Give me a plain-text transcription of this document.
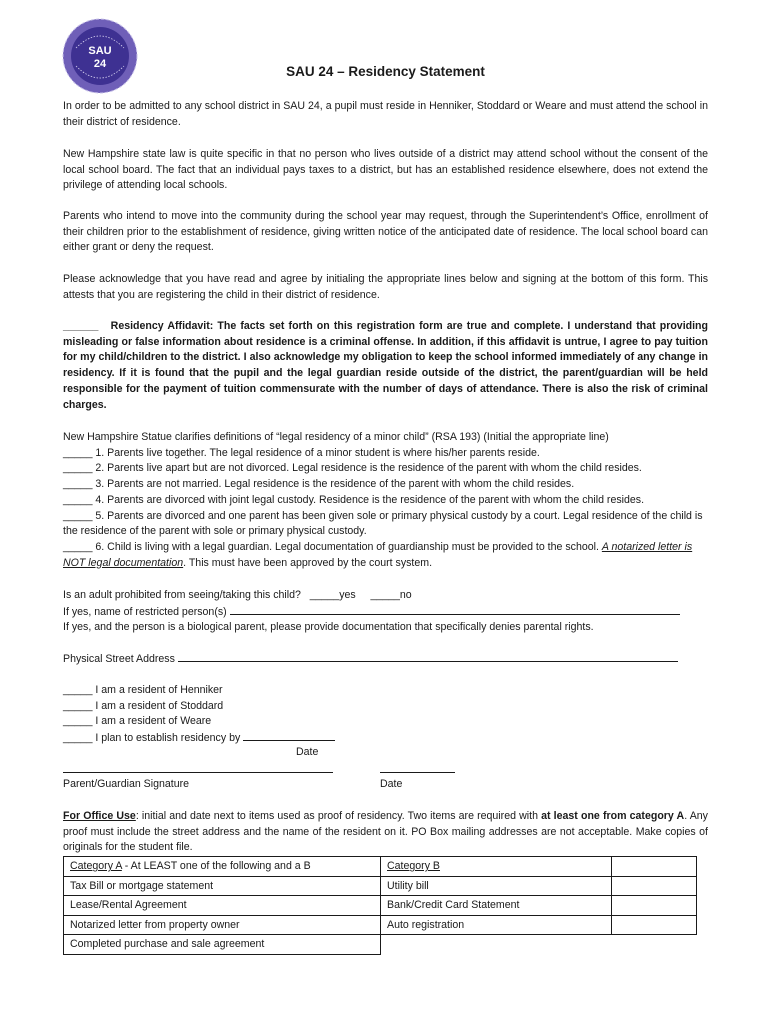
SAU
24	SAU 24 – Residency Statement
In order to be admitted to any school district in SAU 24, a pupil must reside in Henniker, Stoddard or Weare and must attend the school in their district of residence.
New Hampshire state law is quite specific in that no person who lives outside of a district may attend school without the consent of the local school board. The fact that an individual pays taxes to a district, but has an established residence elsewhere, does not extend the privilege of attending local schools.
Parents who intend to move into the community during the school year may request, through the Superintendent’s Office, enrollment of their children prior to the establishment of residence, giving written notice of the anticipated date of residence. The local school board can either grant or deny the request.
Please acknowledge that you have read and agree by initialing the appropriate lines below and signing at the bottom of this form. This attests that you are registering the child in their district of residence.
______ Residency Affidavit: The facts set forth on this registration form are true and complete. I understand that providing misleading or false information about residence is a criminal offense. In addition, if this affidavit is untrue, I agree to pay tuition for my child/children to the district. I also acknowledge my obligation to keep the school informed immediately of any change in residency. If it is found that the pupil and the legal guardian reside outside of the district, the parent/guardian will be held responsible for the payment of tuition commensurate with the number of days of attendance. There is also the risk of criminal charges.
New Hampshire Statue clarifies definitions of “legal residency of a minor child” (RSA 193) (Initial the appropriate line)
_____ 1. Parents live together. The legal residence of a minor student is where his/her parents reside.
_____ 2. Parents live apart but are not divorced. Legal residence is the residence of the parent with whom the child resides.
_____ 3. Parents are not married. Legal residence is the residence of the parent with whom the child resides.
_____ 4. Parents are divorced with joint legal custody. Residence is the residence of the parent with whom the child resides.
_____ 5. Parents are divorced and one parent has been given sole or primary physical custody by a court. Legal residence of the child is the residence of the parent with sole or primary physical custody.
_____ 6. Child is living with a legal guardian. Legal documentation of guardianship must be provided to the school. A notarized letter is NOT legal documentation. This must have been approved by the court system.
Is an adult prohibited from seeing/taking this child? _____yes _____no
If yes, name of restricted person(s)
If yes, and the person is a biological parent, please provide documentation that specifically denies parental rights.
Physical Street Address
_____ I am a resident of Henniker
_____ I am a resident of Stoddard
_____ I am a resident of Weare
_____ I plan to establish residency by
Date
Parent/Guardian Signature	Date
For Office Use: initial and date next to items used as proof of residency. Two items are required with at least one from category A. Any proof must include the street address and the name of the resident on it. PO Box mailing addresses are not acceptable. Make copies of originals for the student file.
Category A - At LEAST one of the following and a B	Category B	
Tax Bill or mortgage statement	Utility bill	
Lease/Rental Agreement	Bank/Credit Card Statement	
Notarized letter from property owner	Auto registration	
Completed purchase and sale agreement		
